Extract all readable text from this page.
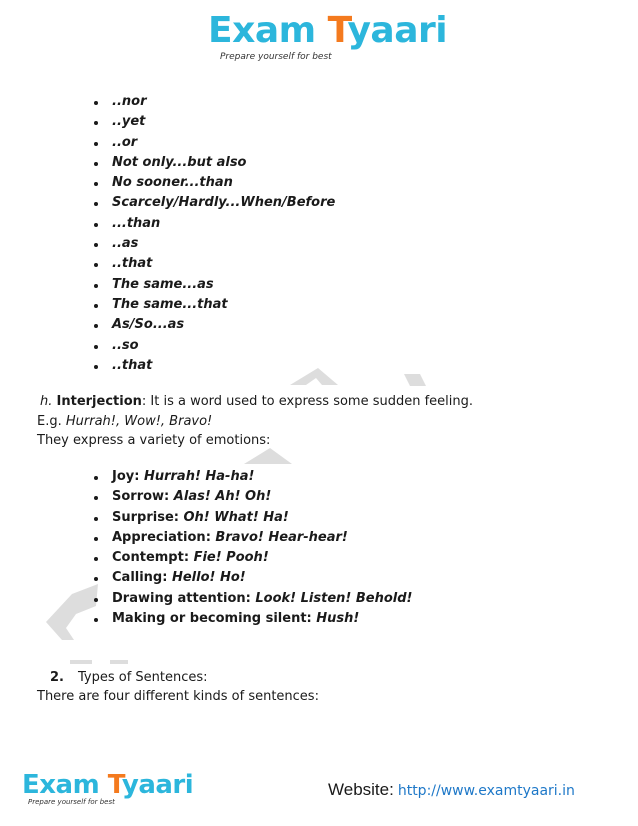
Exam Tyaari
Prepare yourself for best
..nor
..yet
..or
Not only...but also
No sooner...than
Scarcely/Hardly...When/Before
...than
..as
..that
The same...as
The same...that
As/So...as
..so
..that
h. Interjection: It is a word used to express some sudden feeling.
E.g. Hurrah!, Wow!, Bravo!
They express a variety of emotions:
Joy: Hurrah! Ha-ha!
Sorrow: Alas! Ah! Oh!
Surprise: Oh! What! Ha!
Appreciation: Bravo! Hear-hear!
Contempt: Fie! Pooh!
Calling: Hello! Ho!
Drawing attention: Look! Listen! Behold!
Making or becoming silent: Hush!
2. Types of Sentences:
There are four different kinds of sentences:
Exam Tyaari
Prepare yourself for best
Website: http://www.examtyaari.in
